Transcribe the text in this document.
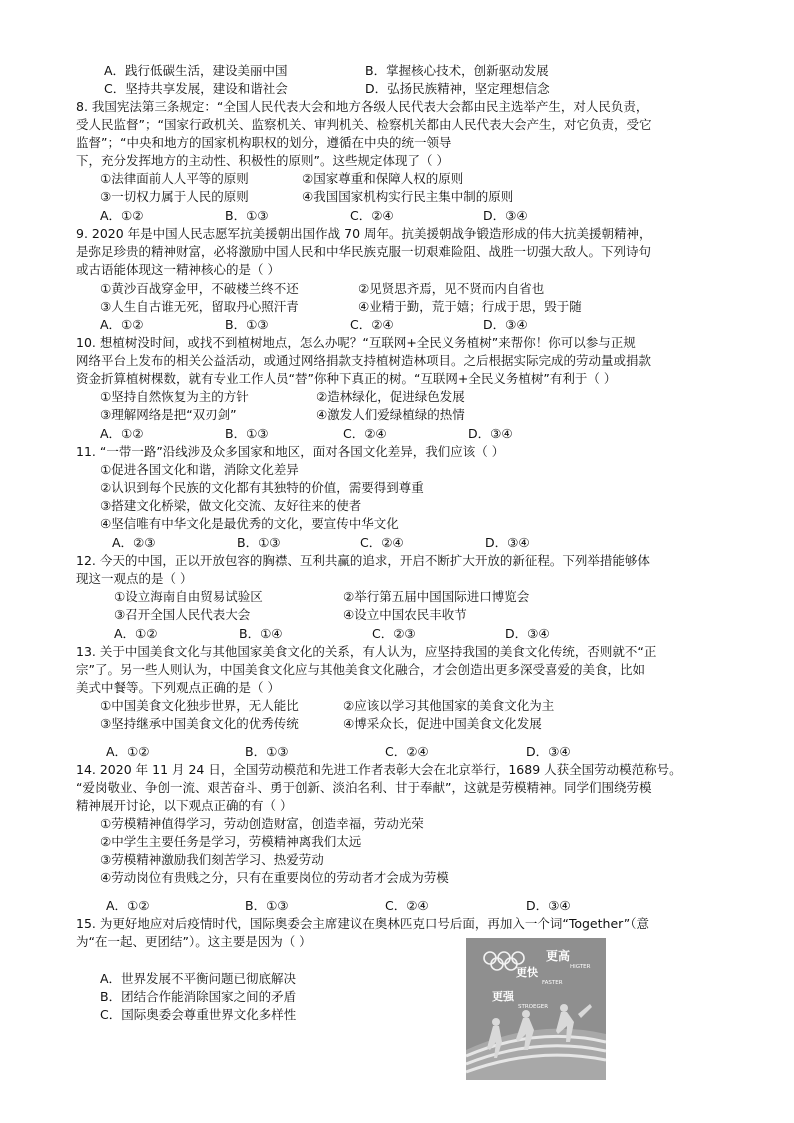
A．践行低碳生活，建设美丽中国	B．掌握核心技术，创新驱动发展
C．坚持共享发展，建设和谐社会	D．弘扬民族精神，坚定理想信念
8. 我国宪法第三条规定：“全国人民代表大会和地方各级人民代表大会都由民主选举产生，对人民负责，
受人民监督”；“国家行政机关、监察机关、审判机关、检察机关都由人民代表大会产生，对它负责，受它
监督”；“中央和地方的国家机构职权的划分，遵循在中央的统一领导
下，充分发挥地方的主动性、积极性的原则”。这些规定体现了（ ）
①法律面前人人平等的原则	②国家尊重和保障人权的原则
③一切权力属于人民的原则	④我国国家机构实行民主集中制的原则
A．①②	B．①③	C．②④	D．③④
9. 2020 年是中国人民志愿军抗美援朝出国作战 70 周年。抗美援朝战争锻造形成的伟大抗美援朝精神，
是弥足珍贵的精神财富，必将激励中国人民和中华民族克服一切艰难险阻、战胜一切强大敌人。下列诗句
或古语能体现这一精神核心的是（ ）
①黄沙百战穿金甲，不破楼兰终不还	②见贤思齐焉，见不贤而内自省也
③人生自古谁无死，留取丹心照汗青	④业精于勤，荒于嬉；行成于思，毁于随
A．①②	B．①③	C．②④	D．③④
10. 想植树没时间，或找不到植树地点，怎么办呢？“互联网+全民义务植树”来帮你！你可以参与正规
网络平台上发布的相关公益活动，或通过网络捐款支持植树造林项目。之后根据实际完成的劳动量或捐款
资金折算植树棵数，就有专业工作人员“替”你种下真正的树。“互联网+全民义务植树”有利于（ ）
①坚持自然恢复为主的方针	②造林绿化，促进绿色发展
③理解网络是把“双刃剑”	④激发人们爱绿植绿的热情
A．①②	B．①③	C．②④	D．③④
11. “一带一路”沿线涉及众多国家和地区，面对各国文化差异，我们应该（ ）
①促进各国文化和谐，消除文化差异
②认识到每个民族的文化都有其独特的价值，需要得到尊重
③搭建文化桥梁，做文化交流、友好往来的使者
④坚信唯有中华文化是最优秀的文化，要宣传中华文化
A．②③	B．①③	C．②④	D．③④
12. 今天的中国，正以开放包容的胸襟、互利共赢的追求，开启不断扩大开放的新征程。下列举措能够体
现这一观点的是（ ）
①设立海南自由贸易试验区	②举行第五届中国国际进口博览会
③召开全国人民代表大会	④设立中国农民丰收节
A．①②	B．①④	C．②③	D．③④
13. 关于中国美食文化与其他国家美食文化的关系，有人认为，应坚持我国的美食文化传统，否则就不“正
宗”了。另一些人则认为，中国美食文化应与其他美食文化融合，才会创造出更多深受喜爱的美食，比如
美式中餐等。下列观点正确的是（ ）
①中国美食文化独步世界，无人能比	②应该以学习其他国家的美食文化为主
③坚持继承中国美食文化的优秀传统	④博采众长，促进中国美食文化发展
A．①②	B．①③	C．②④	D．③④
14. 2020 年 11 月 24 日，全国劳动模范和先进工作者表彰大会在北京举行，1689 人获全国劳动模范称号。
“爱岗敬业、争创一流、艰苦奋斗、勇于创新、淡泊名利、甘于奉献”，这就是劳模精神。同学们围绕劳模
精神展开讨论，以下观点正确的有（ ）
①劳模精神值得学习，劳动创造财富，创造幸福，劳动光荣
②中学生主要任务是学习，劳模精神离我们太远
③劳模精神激励我们刻苦学习、热爱劳动
④劳动岗位有贵贱之分，只有在重要岗位的劳动者才会成为劳模
A．①②	B．①③	C．②④	D．③④
15. 为更好地应对后疫情时代，国际奥委会主席建议在奥林匹克口号后面，再加入一个词“Together”（意
为“在一起、更团结”）。这主要是因为（ ）
A．世界发展不平衡问题已彻底解决
B．团结合作能消除国家之间的矛盾
C．国际奥委会尊重世界文化多样性
更高
HIGTER
更快
FASTER
更强
STROEGER
